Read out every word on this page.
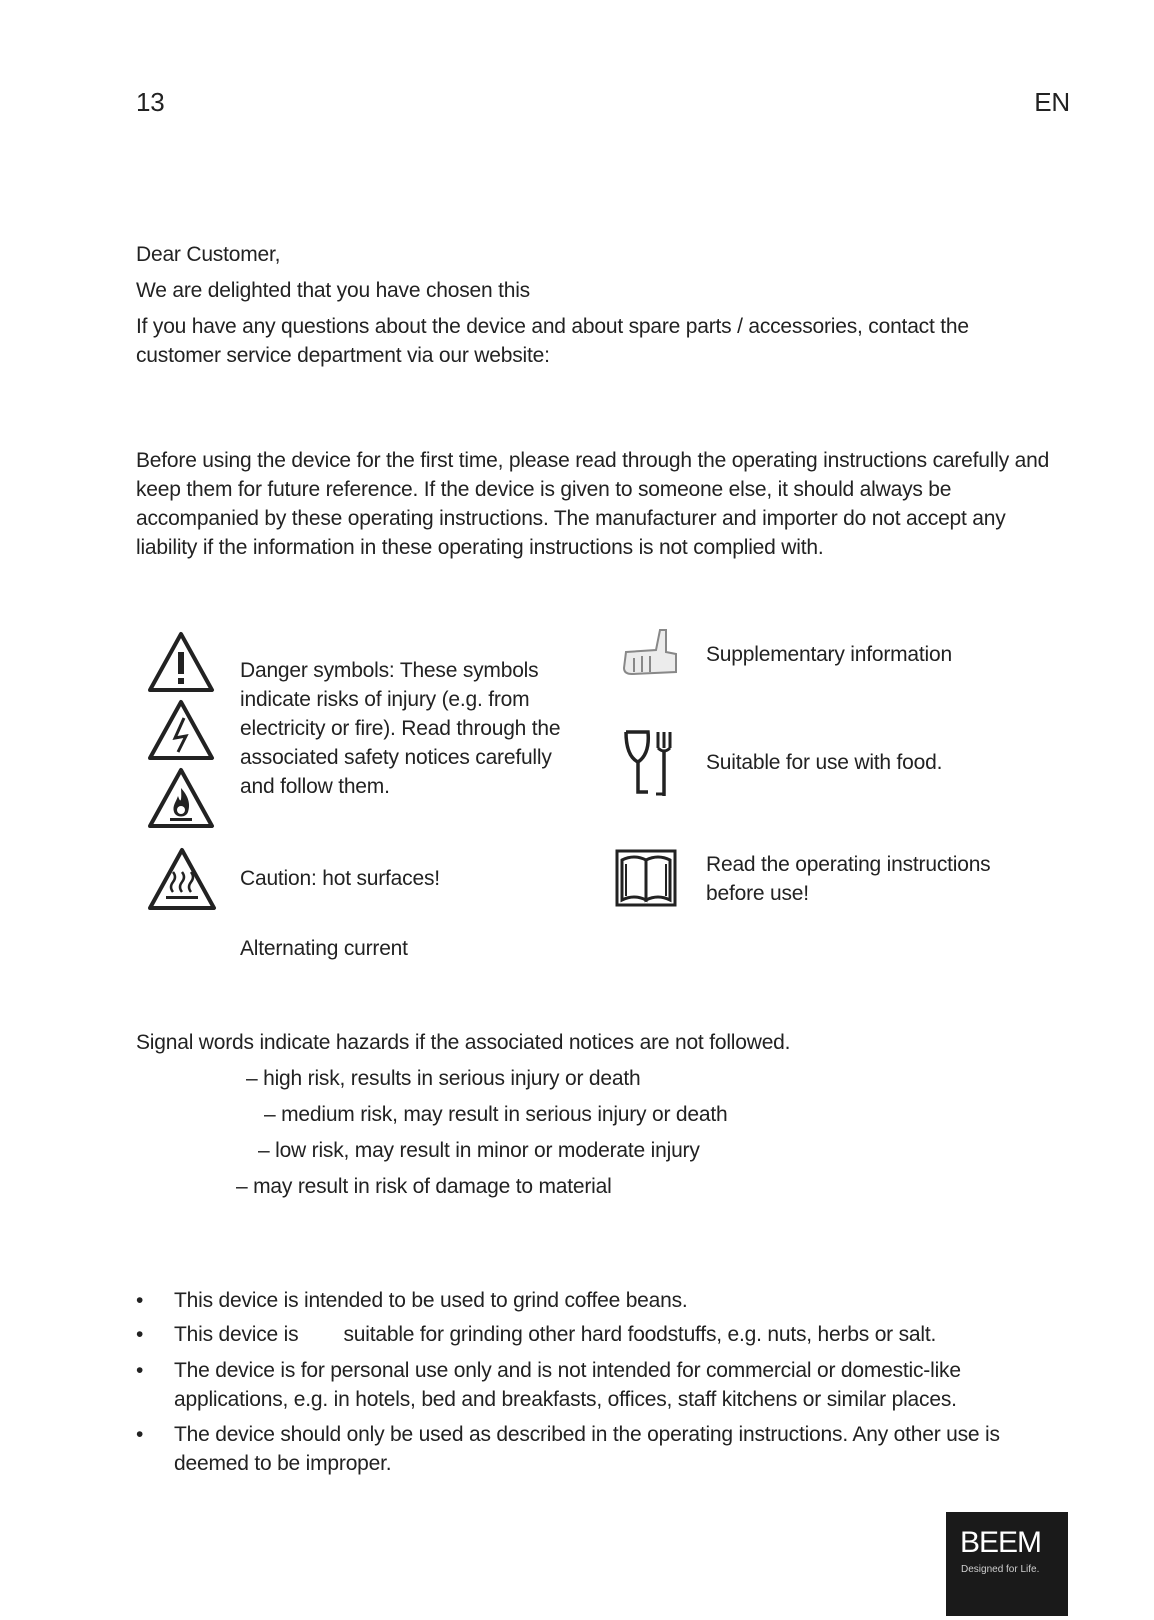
13	EN

Dear Customer,

We are delighted that you have chosen this

If you have any questions about the device and about spare parts / accessories, contact the customer service department via our website:

Before using the device for the first time, please read through the operating instructions carefully and keep them for future reference. If the device is given to someone else, it should always be accompanied by these operating instructions. The manufacturer and importer do not accept any liability if the information in these operating instructions is not complied with.

Danger symbols: These symbols indicate risks of injury (e.g. from electricity or fire). Read through the associated safety notices carefully and follow them.

Caution: hot surfaces!

Alternating current

Supplementary information

Suitable for use with food.

Read the operating instructions before use!

Signal words indicate hazards if the associated notices are not followed.

– high risk, results in serious injury or death

– medium risk, may result in serious injury or death

– low risk, may result in minor or moderate injury

– may result in risk of damage to material

• This device is intended to be used to grind coffee beans.

• This device is        suitable for grinding other hard foodstuffs, e.g. nuts, herbs or salt.

• The device is for personal use only and is not intended for commercial or domestic-like applications, e.g. in hotels, bed and breakfasts, offices, staff kitchens or similar places.

• The device should only be used as described in the operating instructions. Any other use is deemed to be improper.

BEEM
Designed for Life.
